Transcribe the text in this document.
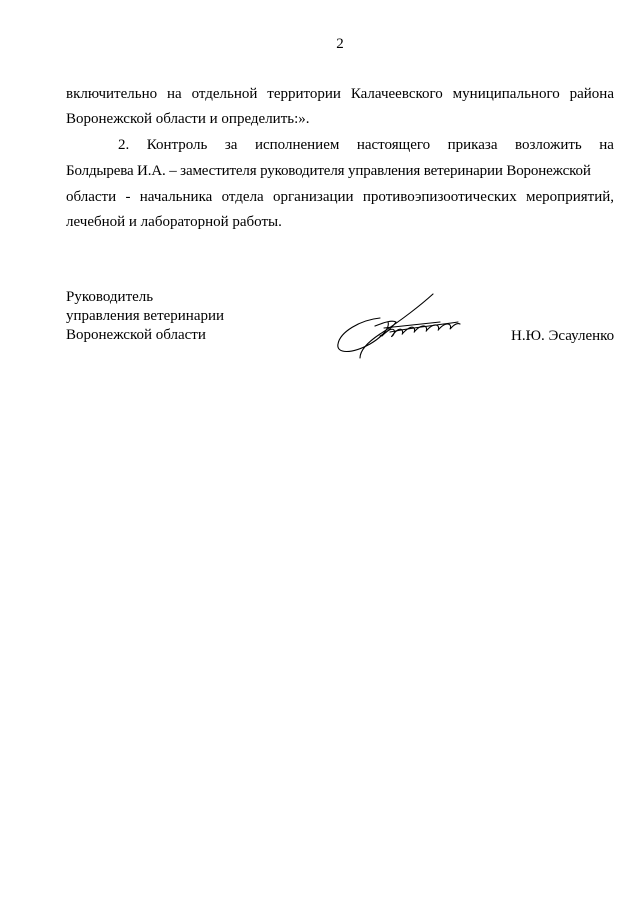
2
включительно на отдельной территории Калачеевского муниципального района
Воронежской области и определить:».
2. Контроль за исполнением настоящего приказа возложить на
Болдырева И.А. – заместителя руководителя управления ветеринарии Воронежской
области - начальника отдела организации противоэпизоотических мероприятий,
лечебной и лабораторной работы.
Руководитель
управления ветеринарии
Воронежской области	Н.Ю. Эсауленко
